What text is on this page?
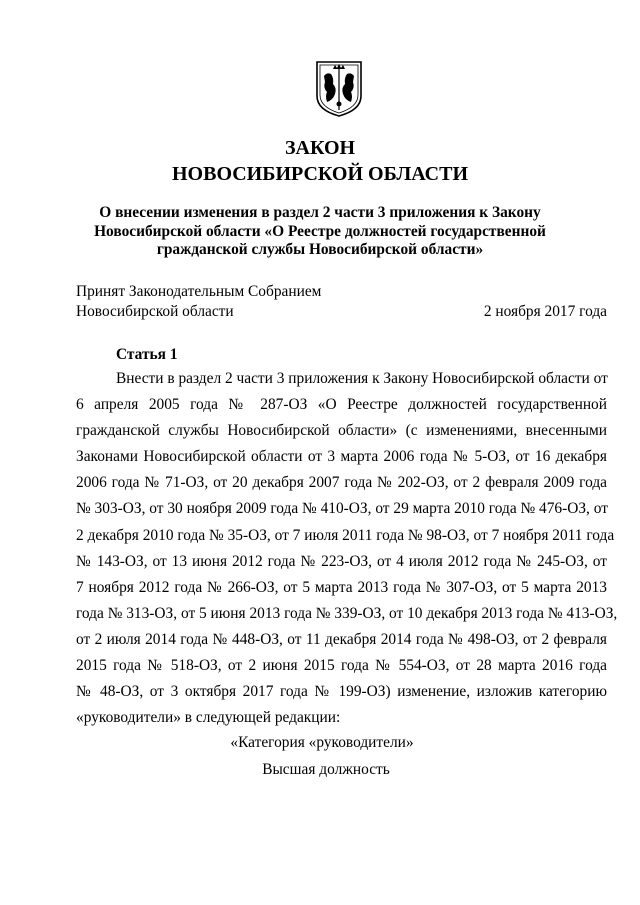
ЗАКОН
НОВОСИБИРСКОЙ ОБЛАСТИ
О внесении изменения в раздел 2 части 3 приложения к Закону
Новосибирской области «О Реестре должностей государственной
гражданской службы Новосибирской области»
Принят Законодательным Собранием
Новосибирской области	2 ноября 2017 года
Статья 1
Внести в раздел 2 части 3 приложения к Закону Новосибирской области от
6 апреля 2005 года № 287-ОЗ «О Реестре должностей государственной
гражданской службы Новосибирской области» (с изменениями, внесенными
Законами Новосибирской области от 3 марта 2006 года № 5-ОЗ, от 16 декабря
2006 года № 71-ОЗ, от 20 декабря 2007 года № 202-ОЗ, от 2 февраля 2009 года
№ 303-ОЗ, от 30 ноября 2009 года № 410-ОЗ, от 29 марта 2010 года № 476-ОЗ, от
2 декабря 2010 года № 35-ОЗ, от 7 июля 2011 года № 98-ОЗ, от 7 ноября 2011 года
№ 143-ОЗ, от 13 июня 2012 года № 223-ОЗ, от 4 июля 2012 года № 245-ОЗ, от
7 ноября 2012 года № 266-ОЗ, от 5 марта 2013 года № 307-ОЗ, от 5 марта 2013
года № 313-ОЗ, от 5 июня 2013 года № 339-ОЗ, от 10 декабря 2013 года № 413-ОЗ,
от 2 июля 2014 года № 448-ОЗ, от 11 декабря 2014 года № 498-ОЗ, от 2 февраля
2015 года № 518-ОЗ, от 2 июня 2015 года № 554-ОЗ, от 28 марта 2016 года
№ 48-ОЗ, от 3 октября 2017 года № 199-ОЗ) изменение, изложив категорию
«руководители» в следующей редакции:
«Категория «руководители»
Высшая должность
